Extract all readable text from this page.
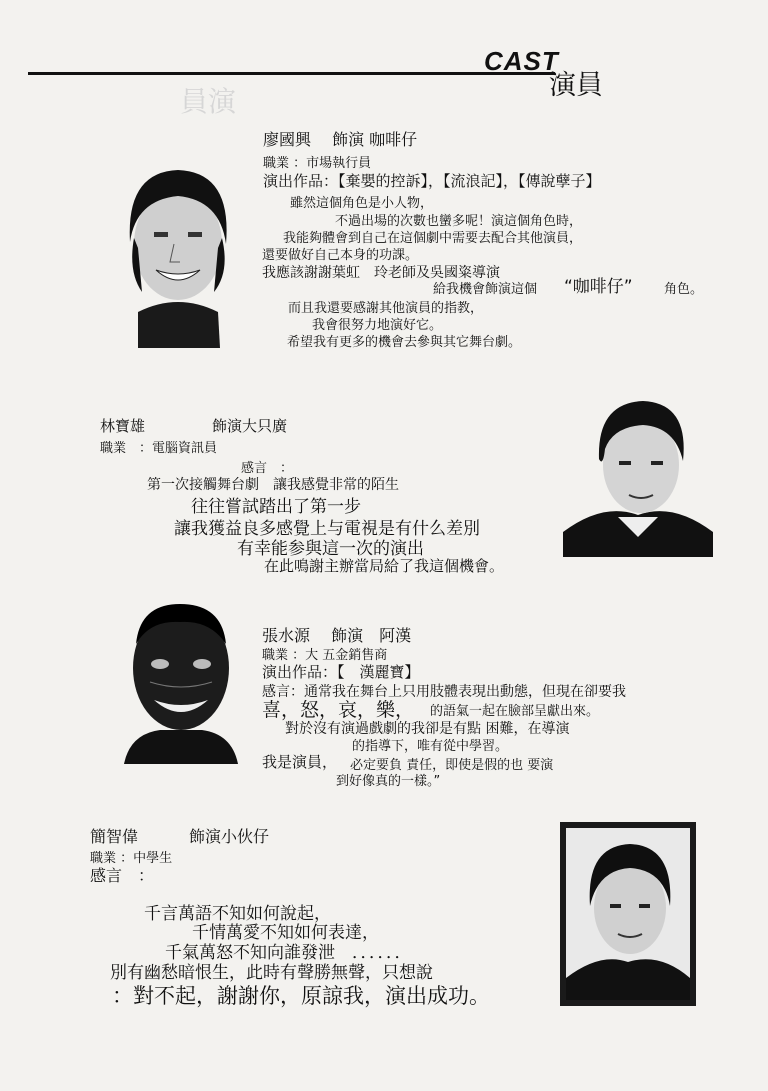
員演

CAST
演員
廖國興　 飾演 咖啡仔
職業 ：市場執行員
演出作品：【棄嬰的控訴】，【流浪記】，【傳說孽子】
雖然這個角色是小人物，
不過出場的次數也蠻多呢！演這個角色時，
我能夠體會到自己在這個劇中需要去配合其他演員，
還要做好自己本身的功課。
我應該謝謝葉虹　玲老師及吳國粢導演
給我機會飾演這個 “咖啡仔” 角色。
而且我還要感謝其他演員的指教，
我會很努力地演好它。
希望我有更多的機會去參與其它舞台劇。
林寶雄	飾演大只廣
職業　：電腦資訊員
感言　：
第一次接觸舞台劇　讓我感覺非常的陌生
往往嘗試踏出了第一步
讓我獲益良多感覺上与電視是有什么差別
有幸能参與這一次的演出
在此鳴謝主辦當局給了我這個機會。
張水源　 飾演　阿漢
職業 ：大 五金銷售商
演出作品：【　漢麗寶】
感言：通常我在舞台上只用肢體表現出動態，但現在卻要我
喜，怒，哀，樂， 的語氣一起在臉部呈獻出來。
對於沒有演過戲劇的我卻是有點 困難，在導演
的指導下，唯有從中學習。
我是演員， 必定要負 責任，即使是假的也 要演
到好像真的一樣。”
簡智偉	飾演小伙仔
職業 ：中學生
感言　：
千言萬語不知如何說起，
千情萬愛不知如何表達，
千氣萬怒不知向誰發泄　．．．．．．
別有幽愁暗恨生，此時有聲勝無聲，只想說
：對不起，謝謝你，原諒我，演出成功。
